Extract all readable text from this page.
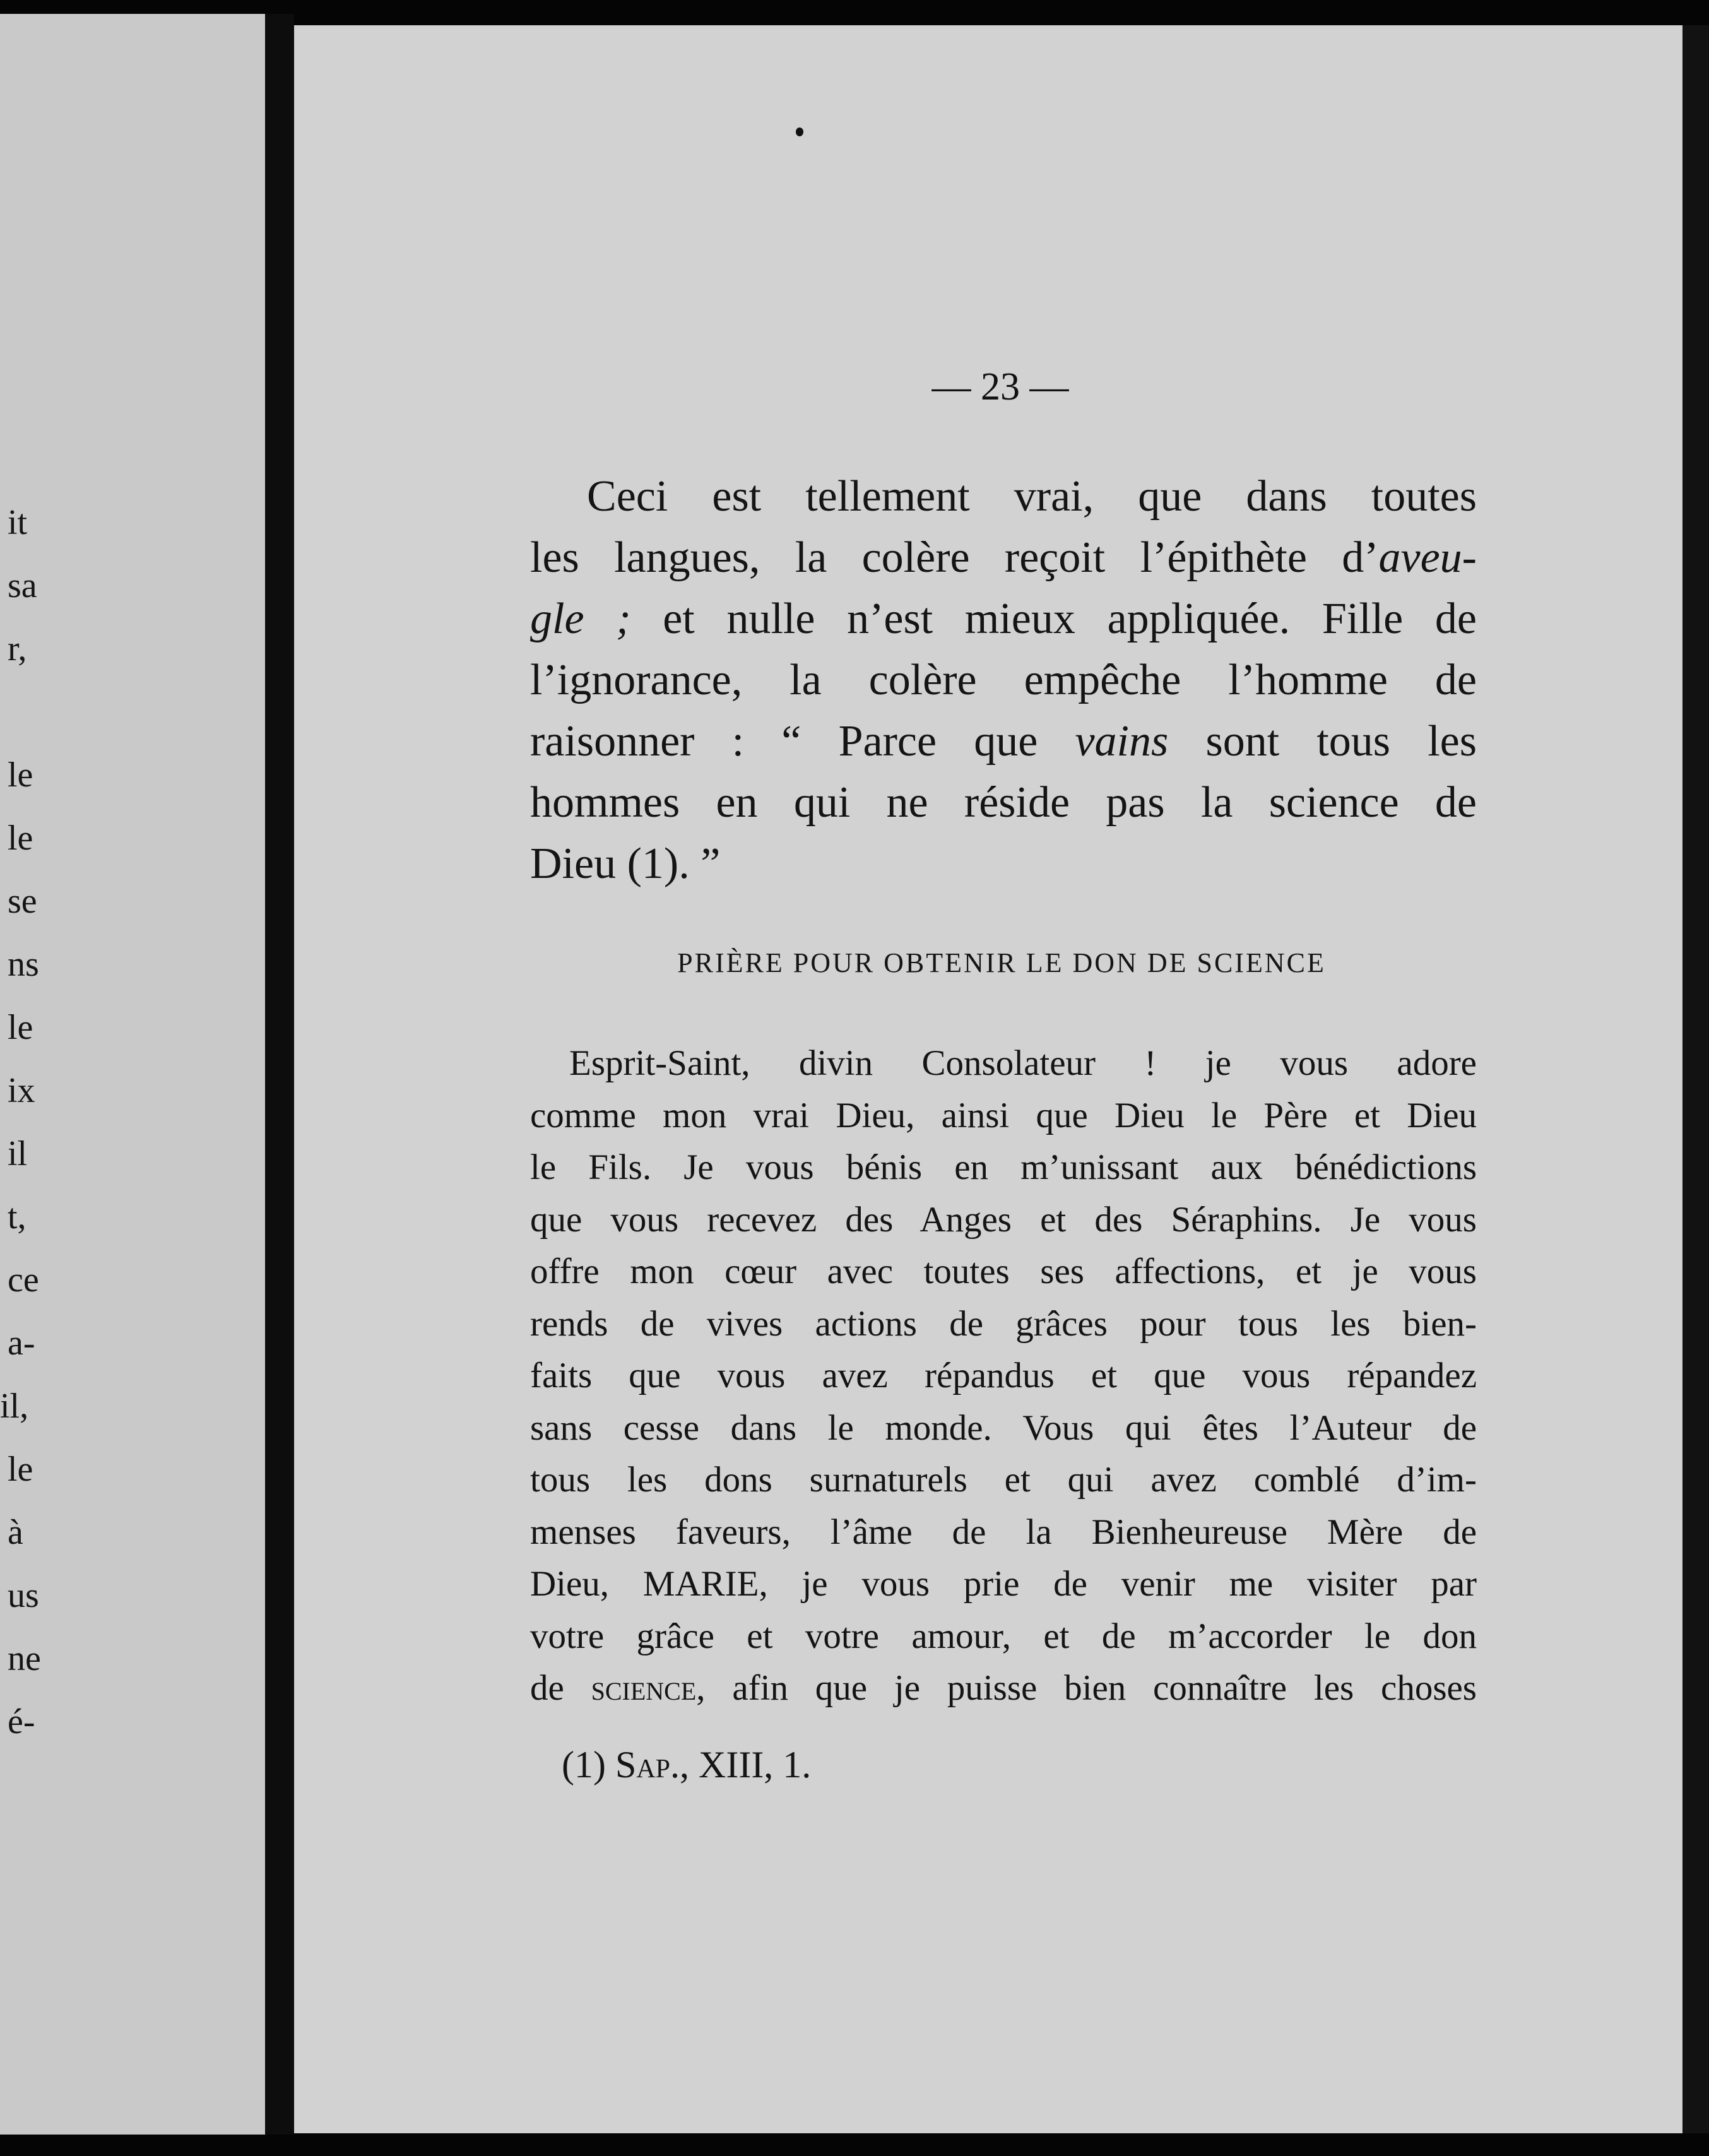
it
sa
r,
le
le
se
ns
le
ix
il
t,
ce
a-
il,
le
à
us
ne
é-
— 23 —
Ceci est tellement vrai, que dans toutes
les langues, la colère reçoit l’épithète d’aveu-
gle ; et nulle n’est mieux appliquée. Fille de
l’ignorance, la colère empêche l’homme de
raisonner : “ Parce que vains sont tous les
hommes en qui ne réside pas la science de
Dieu (1). ”
PRIÈRE POUR OBTENIR LE DON DE SCIENCE
Esprit-Saint, divin Consolateur ! je vous adore
comme mon vrai Dieu, ainsi que Dieu le Père et Dieu
le Fils. Je vous bénis en m’unissant aux bénédictions
que vous recevez des Anges et des Séraphins. Je vous
offre mon cœur avec toutes ses affections, et je vous
rends de vives actions de grâces pour tous les bien-
faits que vous avez répandus et que vous répandez
sans cesse dans le monde. Vous qui êtes l’Auteur de
tous les dons surnaturels et qui avez comblé d’im-
menses faveurs, l’âme de la Bienheureuse Mère de
Dieu, MARIE, je vous prie de venir me visiter par
votre grâce et votre amour, et de m’accorder le don
de science, afin que je puisse bien connaître les choses
(1) Sap., XIII, 1.
